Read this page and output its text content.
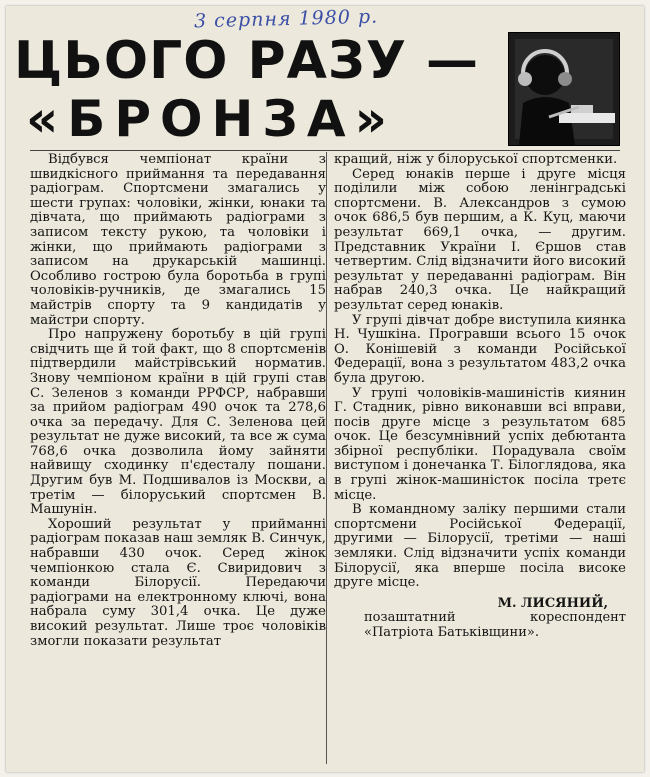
3 серпня 1980 р.
ЦЬОГО РАЗУ —
«БРОНЗА»

Відбувся чемпіонат країни з швидкісного приймання та передавання радіограм. Спортсмени змагались у шести групах: чоловіки, жінки, юнаки та дівчата, що приймають радіограми з записом тексту рукою, та чоловіки і жінки, що приймають радіограми з записом на друкарській машинці. Особливо гострою була боротьба в групі чоловіків-ручників, де змагались 15 майстрів спорту та 9 кандидатів у майстри спорту.

Про напружену боротьбу в цій групі свідчить ще й той факт, що 8 спортсменів підтвердили майстрівський норматив. Знову чемпіоном країни в цій групі став С. Зеленов з команди РРФСР, набравши за прийом радіограм 490 очок та 278,6 очка за передачу. Для С. Зеленова цей результат не дуже високий, та все ж сума 768,6 очка дозволила йому зайняти найвищу сходинку п'єдесталу пошани. Другим був М. Подшивалов із Москви, а третім — білоруський спортсмен В. Машунін.

Хороший результат у прийманні радіограм показав наш земляк В. Синчук, набравши 430 очок. Серед жінок чемпіонкою стала Є. Свиридович з команди Білорусії. Передаючи радіограми на електронному ключі, вона набрала суму 301,4 очка. Це дуже високий результат. Лише троє чоловіків змогли показати результат

кращий, ніж у білоруської спортсменки.

Серед юнаків перше і друге місця поділили між собою ленінградські спортсмени. В. Александров з сумою очок 686,5 був першим, а К. Куц, маючи результат 669,1 очка, — другим. Представник України І. Єршов став четвертим. Слід відзначити його високий результат у передаванні радіограм. Він набрав 240,3 очка. Це найкращий результат серед юнаків.

У групі дівчат добре виступила киянка Н. Чушкіна. Програвши всього 15 очок О. Конішевій з команди Російської Федерації, вона з результатом 483,2 очка була другою.

У групі чоловіків-машиністів киянин Г. Стадник, рівно виконавши всі вправи, посів друге місце з результатом 685 очок. Це безсумнівний успіх дебютанта збірної республіки. Порадувала своїм виступом і донечанка Т. Білоглядова, яка в групі жінок-машиністок посіла третє місце.

В командному заліку першими стали спортсмени Російської Федерації, другими — Білорусії, третіми — наші земляки. Слід відзначити успіх команди Білорусії, яка вперше посіла високе друге місце.

М. ЛИСЯНИЙ,
позаштатний кореспондент «Патріота Батьківщини».
